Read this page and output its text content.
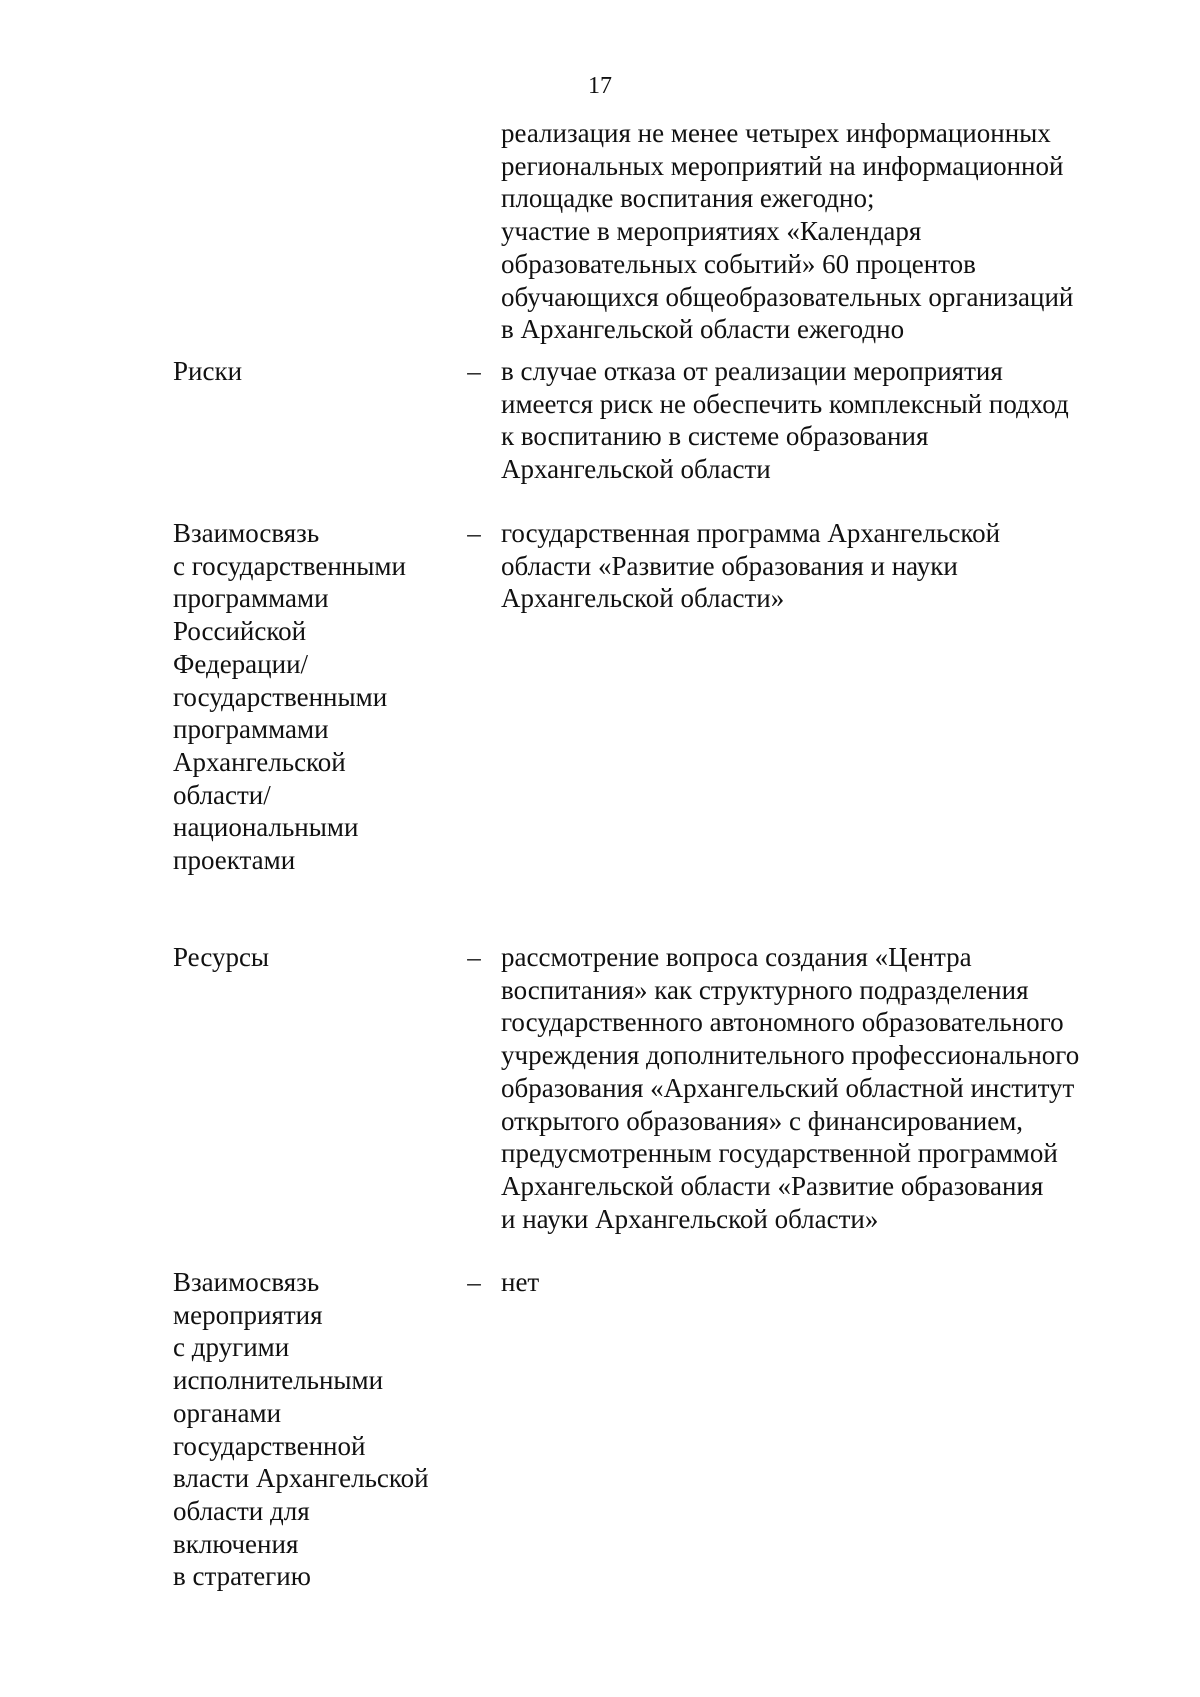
17
реализация не менее четырех информационных
региональных мероприятий на информационной
площадке воспитания ежегодно;
участие в мероприятиях «Календаря
образовательных событий» 60 процентов
обучающихся общеобразовательных организаций
в Архангельской области ежегодно
Риски	– в случае отказа от реализации мероприятия
имеется риск не обеспечить комплексный подход
к воспитанию в системе образования
Архангельской области
Взаимосвязь
с государственными
программами
Российской
Федерации/
государственными
программами
Архангельской
области/
национальными
проектами
– государственная программа Архангельской
области «Развитие образования и науки
Архангельской области»
Ресурсы	– рассмотрение вопроса создания «Центра
воспитания» как структурного подразделения
государственного автономного образовательного
учреждения дополнительного профессионального
образования «Архангельский областной институт
открытого образования» с финансированием,
предусмотренным государственной программой
Архангельской области «Развитие образования
и науки Архангельской области»
Взаимосвязь
мероприятия
с другими
исполнительными
органами
государственной
власти Архангельской
области для
включения
в стратегию
– нет
